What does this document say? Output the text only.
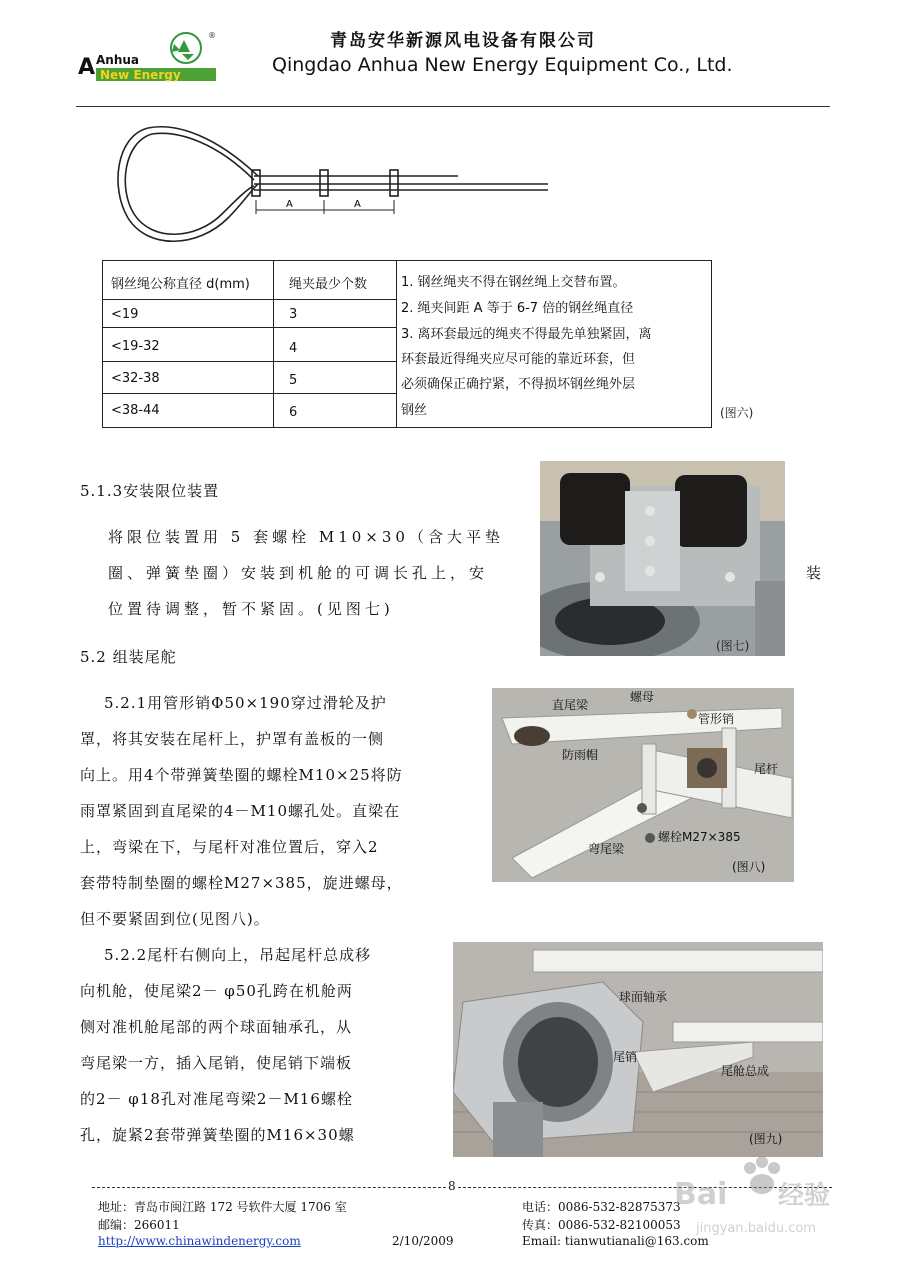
®
A Anhua
New Energy
青岛安华新源风电设备有限公司
Qingdao Anhua New Energy Equipment Co., Ltd.
A	A
钢丝绳公称直径 d(mm)	绳夹最少个数
<19	3
<19-32	4
<32-38	5
<38-44	6
1. 钢丝绳夹不得在钢丝绳上交替布置。
2. 绳夹间距 A 等于 6-7 倍的钢丝绳直径
3. 离环套最远的绳夹不得最先单独紧固，离
环套最近得绳夹应尽可能的靠近环套，但
必须确保正确拧紧，不得损坏钢丝绳外层
钢丝	(图六)
5.1.3安装限位装置
将限位装置用 5 套螺栓 M10×30（含大平垫
圈、弹簧垫圈）安装到机舱的可调长孔上，安
位置待调整，暂不紧固。(见图七)
装
(图七)
5.2 组装尾舵
5.2.1用管形销Φ50×190穿过滑轮及护
罩，将其安装在尾杆上，护罩有盖板的一侧
向上。用4个带弹簧垫圈的螺栓M10×25将防
雨罩紧固到直尾梁的4－M10螺孔处。直梁在
上，弯梁在下，与尾杆对准位置后，穿入2
套带特制垫圈的螺栓M27×385，旋进螺母，
但不要紧固到位(见图八)。
直尾梁
螺母
管形销
防雨帽
尾杆
螺栓M27×385
弯尾梁
(图八)
5.2.2尾杆右侧向上，吊起尾杆总成移
向机舱，使尾梁2－ φ50孔跨在机舱两
侧对准机舱尾部的两个球面轴承孔，从
弯尾梁一方，插入尾销，使尾销下端板
的2－ φ18孔对准尾弯梁2－M16螺栓
孔，旋紧2套带弹簧垫圈的M16×30螺
球面轴承
尾销
尾舱总成
(图九)
8
地址：青岛市闽江路 172 号软件大厦 1706 室
邮编：266011
http://www.chinawindenergy.com	2/10/2009
电话：0086-532-82875373
传真：0086-532-82100053
Email: tianwutianali@163.com
Bai 经验
jingyan.baidu.com
